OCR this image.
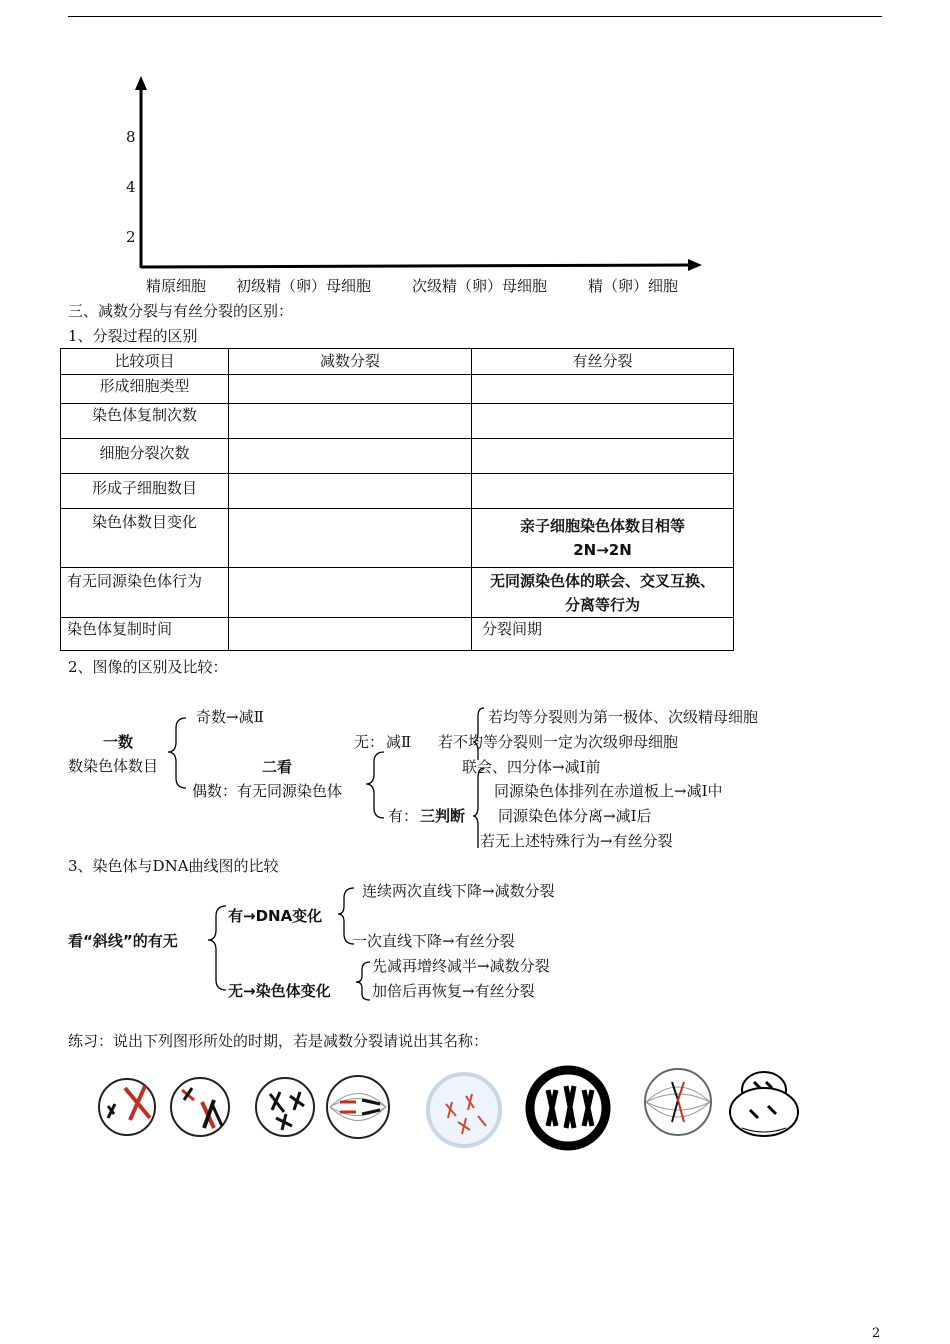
8
4
2
精原细胞 初级精（卵）母细胞	次级精（卵）母细胞	精（卵）细胞
三、减数分裂与有丝分裂的区别：
1、分裂过程的区别
比较项目	减数分裂	有丝分裂
形成细胞类型		
染色体复制次数		
细胞分裂次数		
形成子细胞数目		
染色体数目变化		亲子细胞染色体数目相等
2N→2N

有无同源染色体行为		无同源染色体的联会、交叉互换、
分离等行为

染色体复制时间		分裂间期
2、图像的区别及比较：
一数
数染色体数目
奇数→减Ⅱ
偶数：有无同源染色体
二看
无： 减Ⅱ
若均等分裂则为第一极体、次级精母细胞
若不均等分裂则一定为次级卵母细胞
联会、四分体→减Ⅰ前
有： 三判断
同源染色体排列在赤道板上→减Ⅰ中
同源染色体分离→减Ⅰ后
若无上述特殊行为→有丝分裂
3、染色体与DNA曲线图的比较
看“斜线”的有无
有→DNA变化
连续两次直线下降→减数分裂
一次直线下降→有丝分裂
无→染色体变化
先减再增终减半→减数分裂
加倍后再恢复→有丝分裂
练习：说出下列图形所处的时期，若是减数分裂请说出其名称：
2
